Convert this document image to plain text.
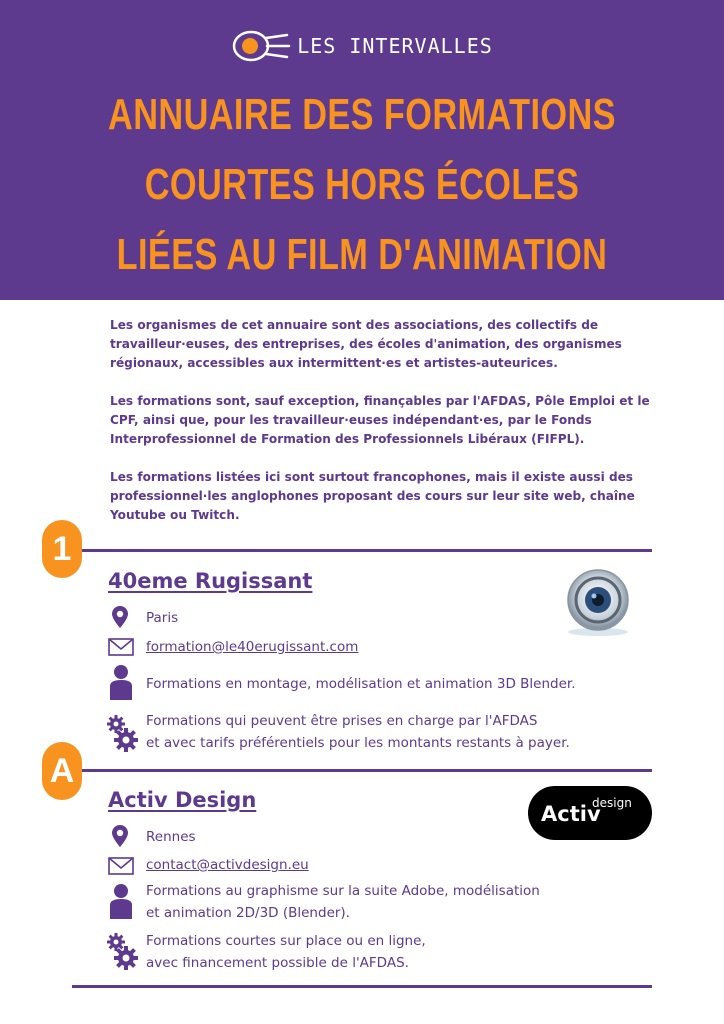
LES INTERVALLES
ANNUAIRE DES FORMATIONS
COURTES HORS ÉCOLES
LIÉES AU FILM D'ANIMATION

Les organismes de cet annuaire sont des associations, des collectifs de travailleur·euses, des entreprises, des écoles d'animation, des organismes régionaux, accessibles aux intermittent·es et artistes-auteurices.

Les formations sont, sauf exception, finançables par l'AFDAS, Pôle Emploi et le CPF, ainsi que, pour les travailleur·euses indépendant·es, par le Fonds Interprofessionnel de Formation des Professionnels Libéraux (FIFPL).

Les formations listées ici sont surtout francophones, mais il existe aussi des professionnel·les anglophones proposant des cours sur leur site web, chaîne Youtube ou Twitch.

1
40eme Rugissant
Paris
formation@le40erugissant.com
Formations en montage, modélisation et animation 3D Blender.
Formations qui peuvent être prises en charge par l'AFDAS
et avec tarifs préférentiels pour les montants restants à payer.
A
Activ Design
Activ
design
Rennes
contact@activdesign.eu
Formations au graphisme sur la suite Adobe, modélisation
et animation 2D/3D (Blender).
Formations courtes sur place ou en ligne,
avec financement possible de l'AFDAS.
